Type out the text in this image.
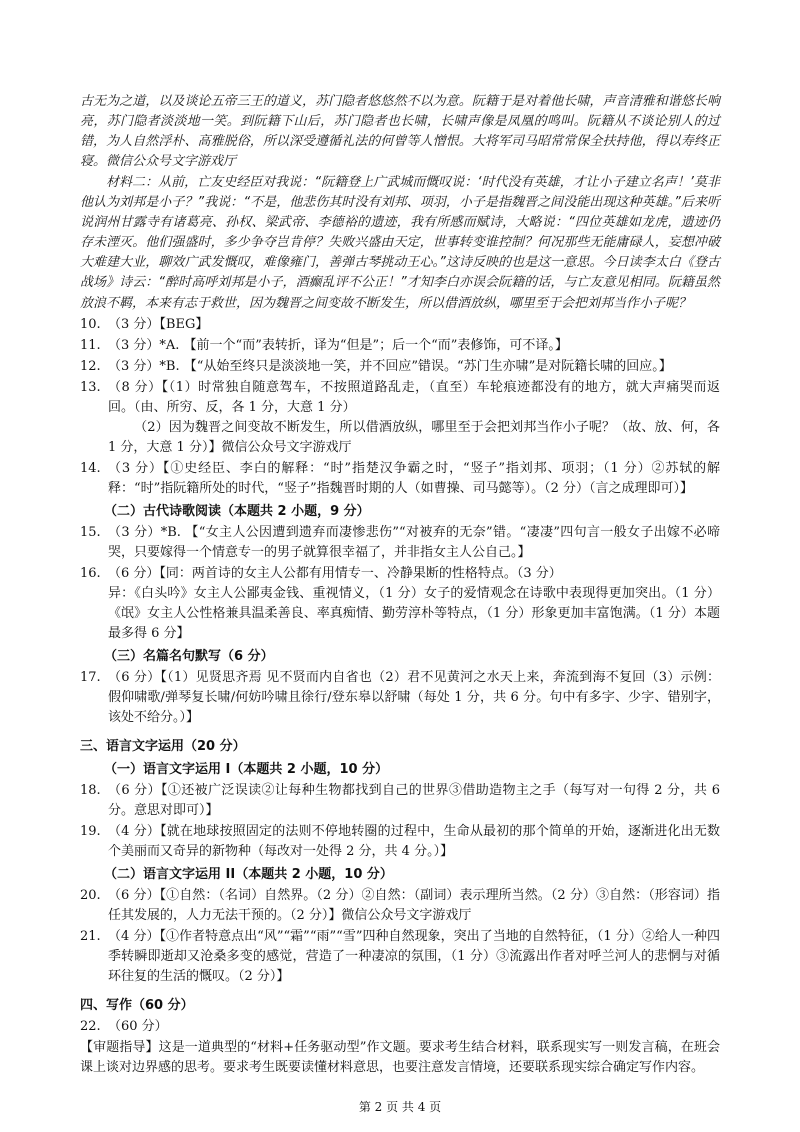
古无为之道，以及谈论五帝三王的道义，苏门隐者悠悠然不以为意。阮籍于是对着他长啸，声音清雅和谐悠长响亮，苏门隐者淡淡地一笑。到阮籍下山后，苏门隐者也长啸，长啸声像是凤凰的鸣叫。阮籍从不谈论别人的过错，为人自然浮朴、高雅脱俗，所以深受遵循礼法的何曾等人憎恨。大将军司马昭常常保全扶持他，得以寿终正寝。微信公众号文字游戏厅
材料二：从前，亡友史经臣对我说：“阮籍登上广武城而慨叹说：‘时代没有英雄，才让小子建立名声！’莫非他认为刘邦是小子？”我说：“不是，他悲伤其时没有刘邦、项羽，小子是指魏晋之间没能出现这种英雄。”后来听说润州甘露寺有诸葛亮、孙权、梁武帝、李德裕的遗迹，我有所感而赋诗，大略说：“四位英雄如龙虎，遗迹仍存未湮灭。他们强盛时，多少争夺岂肯停？失败兴盛由天定，世事转变谁控制？何况那些无能庸碌人，妄想冲破大难建大业，聊效广武发慨叹，难像雍门，善弹古琴挑动王心。”这诗反映的也是这一意思。今日读李太白《登古战场》诗云：“醉时高呼刘邦是小子，酒癫乱评不公正！”才知李白亦误会阮籍的话，与亡友意见相同。阮籍虽然放浪不羁，本来有志于救世，因为魏晋之间变故不断发生，所以借酒放纵，哪里至于会把刘邦当作小子呢？
10. （3 分）【BEG】
11. （3 分）*A. 【前一个“而”表转折，译为“但是”；后一个“而”表修饰，可不译。】
12. （3 分）*B. 【“从始至终只是淡淡地一笑，并不回应”错误。“苏门生亦啸”是对阮籍长啸的回应。】
13. （8 分）【（1）时常独自随意驾车，不按照道路乱走，（直至）车轮痕迹都没有的地方，就大声痛哭而返回。（由、所穷、反，各 1 分，大意 1 分）
（2）因为魏晋之间变故不断发生，所以借酒放纵，哪里至于会把刘邦当作小子呢？（故、放、何，各 1 分，大意 1 分）】微信公众号文字游戏厅
14. （3 分）【①史经臣、李白的解释：“时”指楚汉争霸之时，“竖子”指刘邦、项羽；（1 分）②苏轼的解释：“时”指阮籍所处的时代，“竖子”指魏晋时期的人（如曹操、司马懿等）。（2 分）（言之成理即可）】
（二）古代诗歌阅读（本题共 2 小题，9 分）
15. （3 分）*B. 【“女主人公因遭到遗弃而凄惨悲伤”“对被弃的无奈”错。“凄凄”四句言一般女子出嫁不必啼哭，只要嫁得一个情意专一的男子就算很幸福了，并非指女主人公自己。】
16. （6 分）【同：两首诗的女主人公都有用情专一、冷静果断的性格特点。（3 分）
异：《白头吟》女主人公鄙夷金钱、重视情义，（1 分）女子的爱情观念在诗歌中表现得更加突出。（1 分）《氓》女主人公性格兼具温柔善良、率真痴情、勤劳淳朴等特点，（1 分）形象更加丰富饱满。（1 分）本题最多得 6 分】
（三）名篇名句默写（6 分）
17. （6 分）【（1）见贤思齐焉 见不贤而内自省也（2）君不见黄河之水天上来，奔流到海不复回（3）示例：假仰啸歌/弹琴复长啸/何妨吟啸且徐行/登东皋以舒啸（每处 1 分，共 6 分。句中有多字、少字、错别字，该处不给分。）】
三、语言文字运用（20 分）
（一）语言文字运用 I（本题共 2 小题，10 分）
18. （6 分）【①还被广泛误读②让每种生物都找到自己的世界③借助造物主之手（每写对一句得 2 分，共 6 分。意思对即可）】
19. （4 分）【就在地球按照固定的法则不停地转圈的过程中，生命从最初的那个简单的开始，逐渐进化出无数个美丽而又奇异的新物种（每改对一处得 2 分，共 4 分。）】
（二）语言文字运用 II（本题共 2 小题，10 分）
20. （6 分）【①自然：（名词）自然界。（2 分）②自然：（副词）表示理所当然。（2 分）③自然：（形容词）指任其发展的，人力无法干预的。（2 分）】微信公众号文字游戏厅
第 2 页 共 4 页
21. （4 分）【①作者特意点出“风”“霜”“雨”“雪”四种自然现象，突出了当地的自然特征，（1 分）②给人一种四季转瞬即逝却又沧桑多变的感觉，营造了一种凄凉的氛围，（1 分）③流露出作者对呼兰河人的悲惘与对循环往复的生活的慨叹。（2 分）】
四、写作（60 分）
22. （60 分）
【审题指导】这是一道典型的“材料+任务驱动型”作文题。要求考生结合材料，联系现实写一则发言稿，在班会课上谈对边界感的思考。要求考生既要读懂材料意思，也要注意发言情境，还要联系现实综合确定写作内容。
